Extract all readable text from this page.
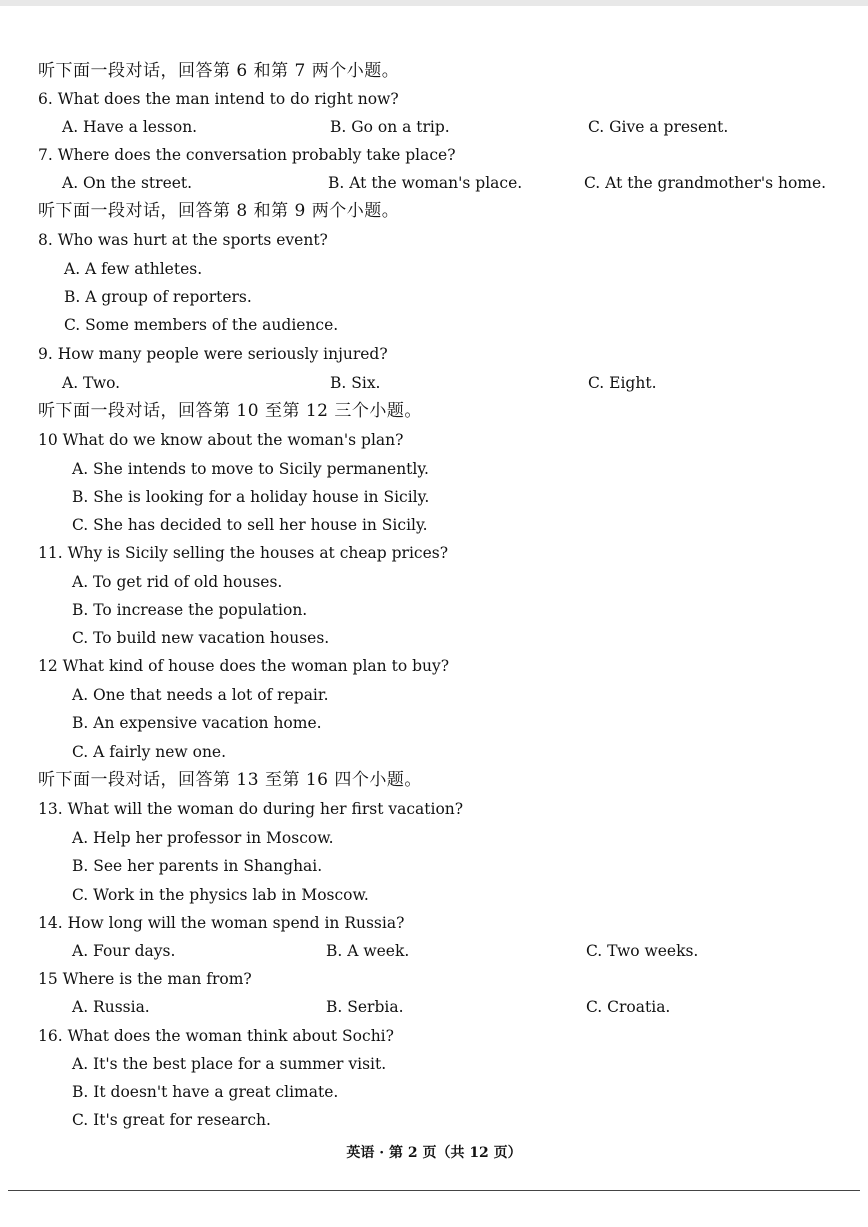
听下面一段对话，回答第 6 和第 7 两个小题。
6. What does the man intend to do right now?
A. Have a lesson.	B. Go on a trip.	C. Give a present.
7. Where does the conversation probably take place?
A. On the street.	B. At the woman's place.	C. At the grandmother's home.
听下面一段对话，回答第 8 和第 9 两个小题。
8. Who was hurt at the sports event?
A. A few athletes.
B. A group of reporters.
C. Some members of the audience.
9. How many people were seriously injured?
A. Two.	B. Six.	C. Eight.
听下面一段对话，回答第 10 至第 12 三个小题。
10 What do we know about the woman's plan?
A. She intends to move to Sicily permanently.
B. She is looking for a holiday house in Sicily.
C. She has decided to sell her house in Sicily.
11. Why is Sicily selling the houses at cheap prices?
A. To get rid of old houses.
B. To increase the population.
C. To build new vacation houses.
12 What kind of house does the woman plan to buy?
A. One that needs a lot of repair.
B. An expensive vacation home.
C. A fairly new one.
听下面一段对话，回答第 13 至第 16 四个小题。
13. What will the woman do during her first vacation?
A. Help her professor in Moscow.
B. See her parents in Shanghai.
C. Work in the physics lab in Moscow.
14. How long will the woman spend in Russia?
A. Four days.	B. A week.	C. Two weeks.
15 Where is the man from?
A. Russia.	B. Serbia.	C. Croatia.
16. What does the woman think about Sochi?
A. It's the best place for a summer visit.
B. It doesn't have a great climate.
C. It's great for research.
英语 · 第 2 页（共 12 页）
